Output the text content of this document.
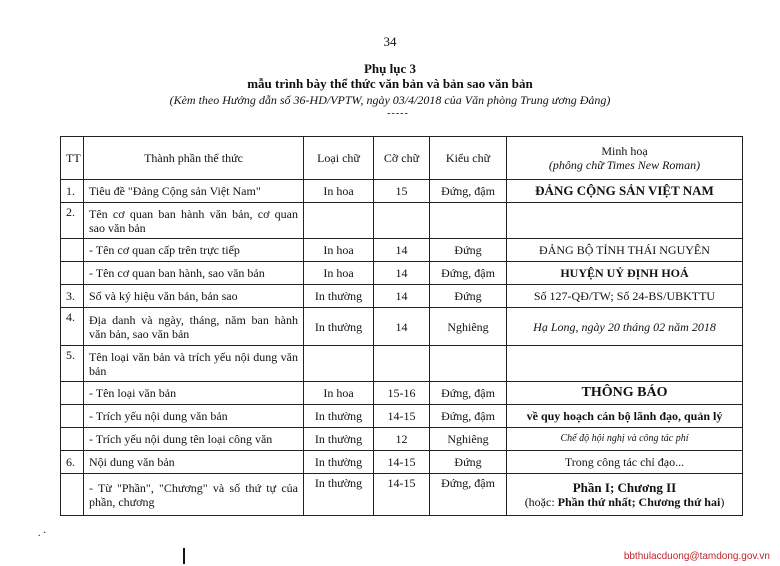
34
Phụ lục 3
mẫu trình bày thể thức văn bản và bản sao văn bản
(Kèm theo Hướng dẫn số 36-HD/VPTW, ngày 03/4/2018 của Văn phòng Trung ương Đảng)
-----
TT	Thành phần thể thức	Loại chữ	Cỡ chữ	Kiểu chữ	Minh hoạ
(phông chữ Times New Roman)

1.	Tiêu đề "Đảng Cộng sản Việt Nam"	In hoa	15	Đứng, đậm	ĐẢNG CỘNG SẢN VIỆT NAM
2.	Tên cơ quan ban hành văn bản, cơ quan sao văn bản				
	- Tên cơ quan cấp trên trực tiếp	In hoa	14	Đứng	ĐẢNG BỘ TỈNH THÁI NGUYÊN
	- Tên cơ quan ban hành, sao văn bản	In hoa	14	Đứng, đậm	HUYỆN UỶ ĐỊNH HOÁ
3.	Số và ký hiệu văn bản, bản sao	In thường	14	Đứng	Số 127-QĐ/TW; Số 24-BS/UBKTTU
4.	Địa danh và ngày, tháng, năm ban hành văn bản, sao văn bản	In thường	14	Nghiêng	Hạ Long, ngày 20 tháng 02 năm 2018
5.	Tên loại văn bản và trích yếu nội dung văn bản				
	- Tên loại văn bản	In hoa	15-16	Đứng, đậm	THÔNG BÁO
	- Trích yếu nội dung văn bản	In thường	14-15	Đứng, đậm	về quy hoạch cán bộ lãnh đạo, quản lý
	- Trích yếu nội dung tên loại công văn	In thường	12	Nghiêng	Chế độ hội nghị và công tác phí
6.	Nội dung văn bản	In thường	14-15	Đứng	Trong công tác chỉ đạo...
	- Từ "Phần", "Chương" và số thứ tự của phần, chương	In thường	14-15	Đứng, đậm	Phần I; Chương II
(hoặc: Phần thứ nhất; Chương thứ hai)
. ·
bbthulacduong@tamdong.gov.vn
